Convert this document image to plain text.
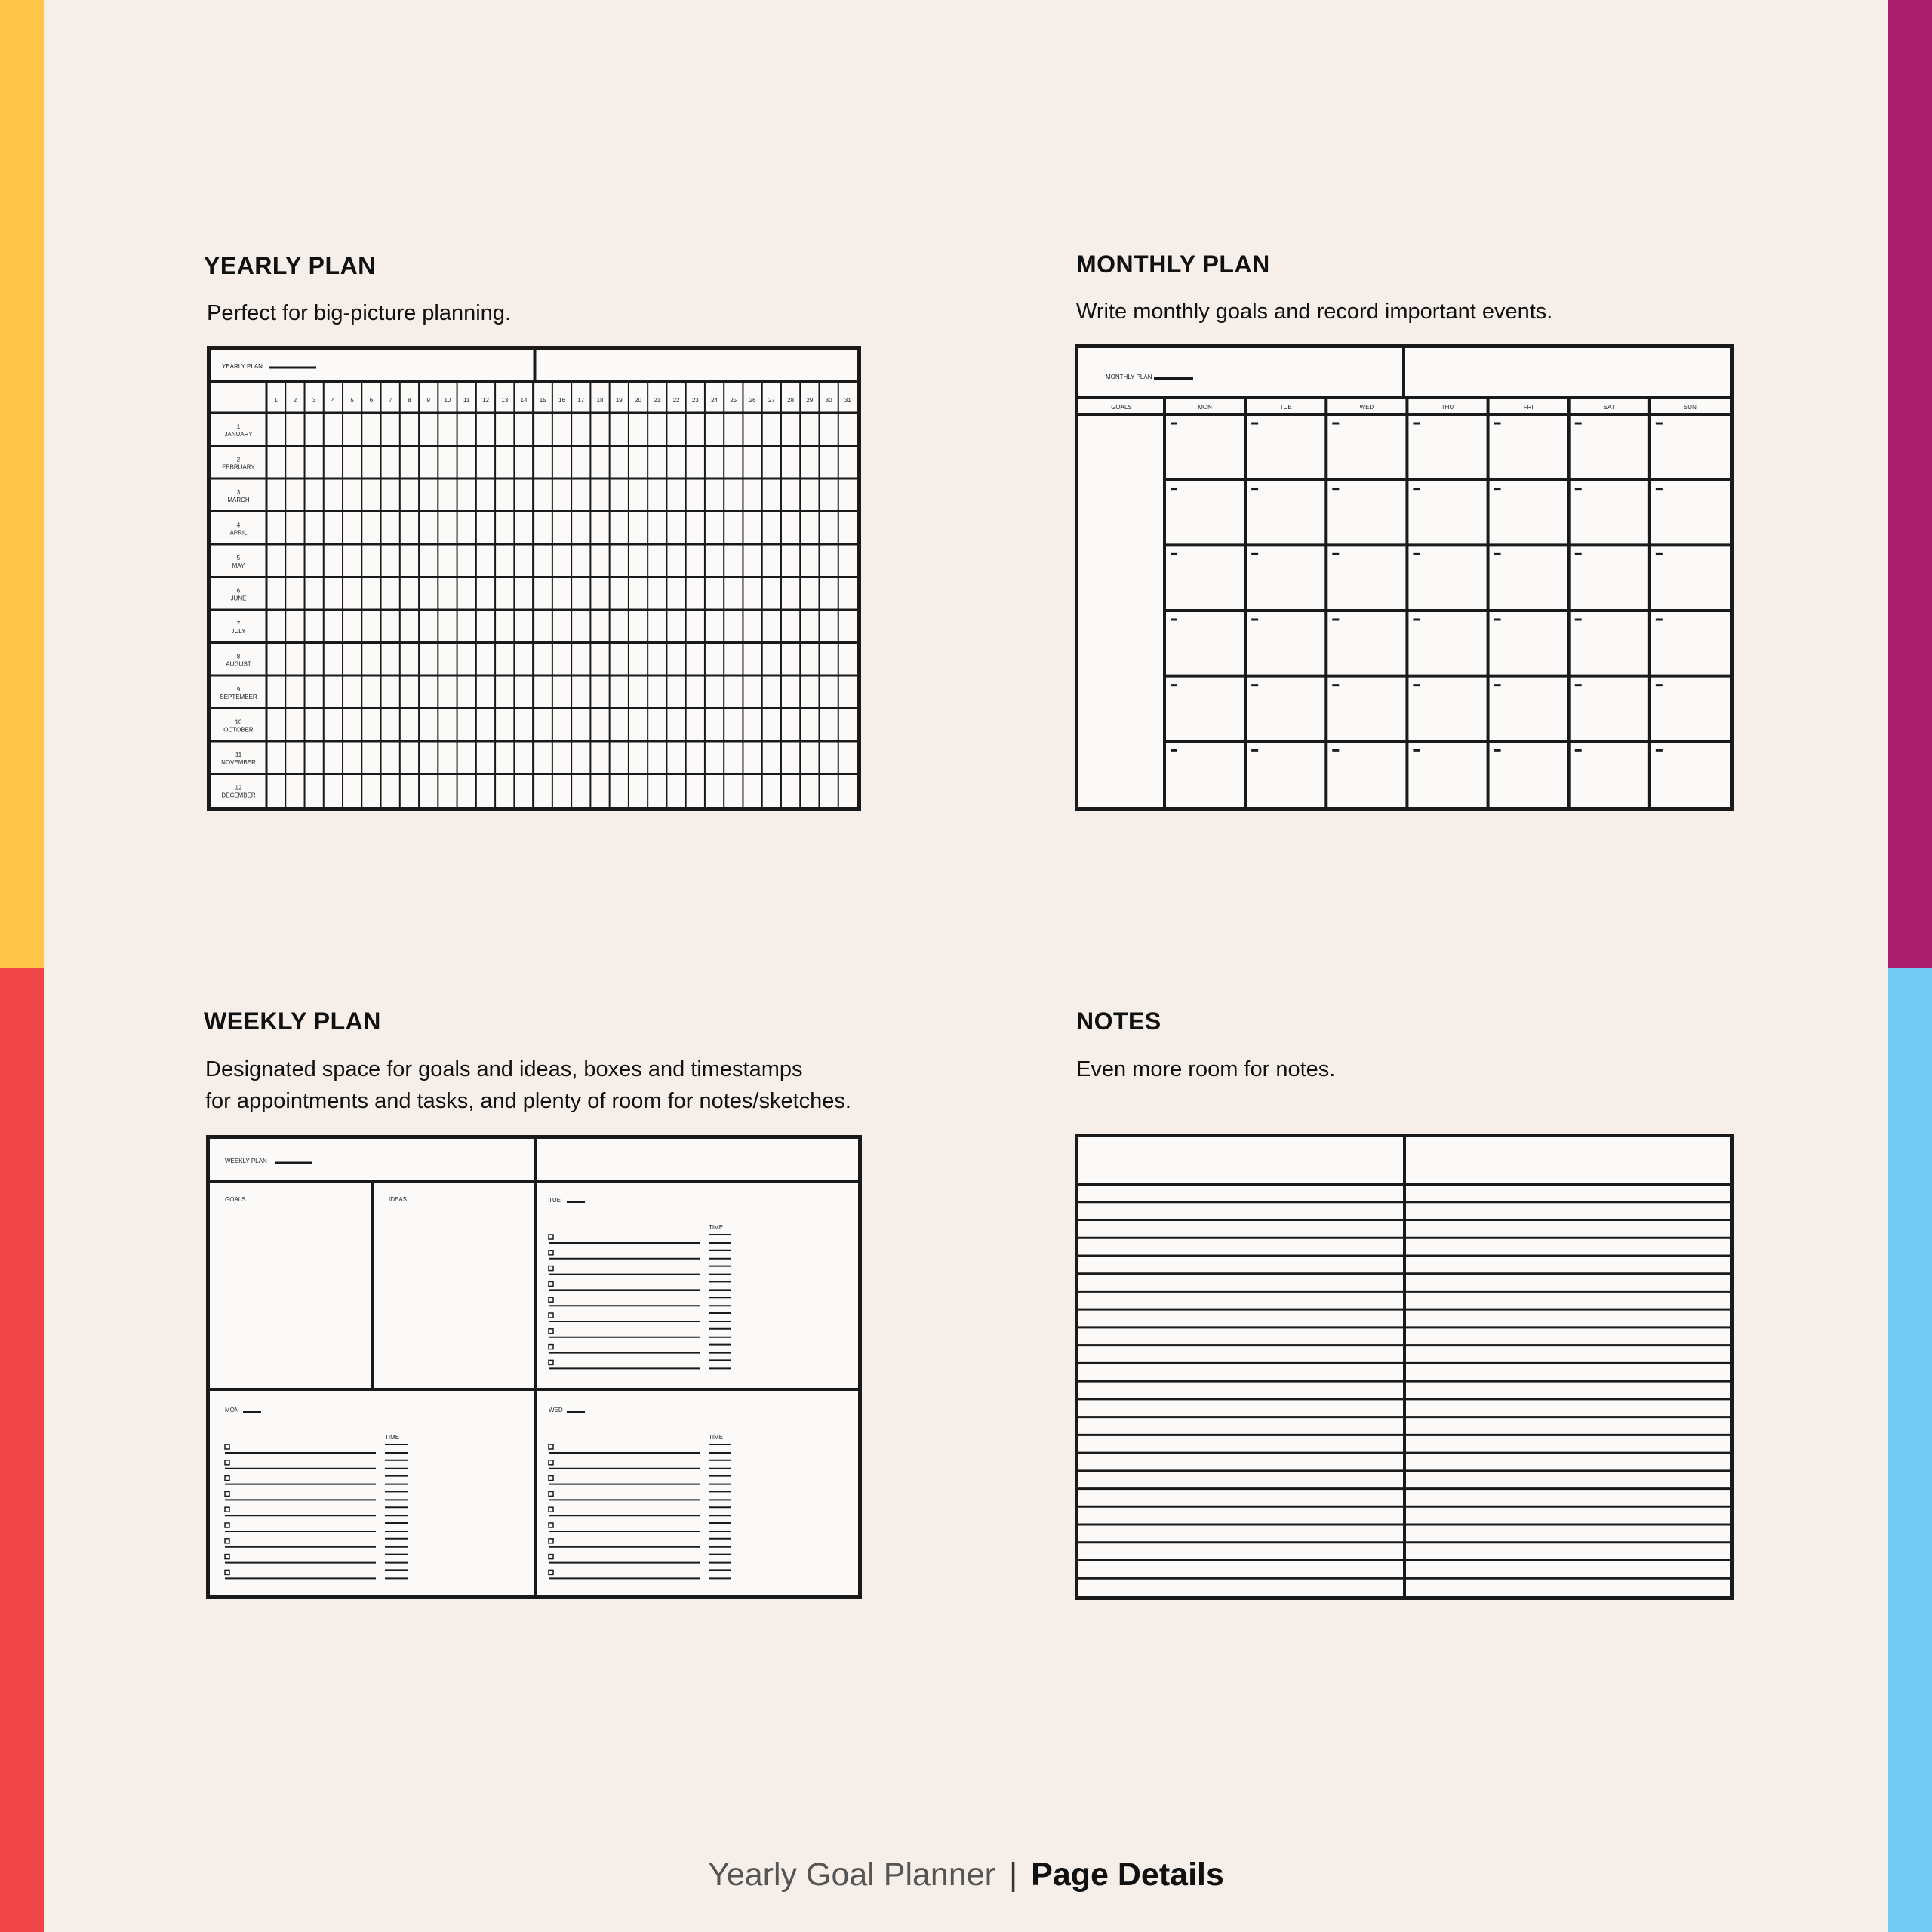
YEARLY PLAN

Perfect for big-picture planning.

YEARLY PLAN
1	2	3	4	5	6	7	8	9 10 11 12 13 14 15 16 17 18 19 20 21 22 23 24 25 26 27 28 29 30 31
1
JANUARY
2
FEBRUARY
3
MARCH
4
APRIL
5
MAY
6
JUNE
7
JULY
8
AUGUST
9
SEPTEMBER
10
OCTOBER
11
NOVEMBER
12
DECEMBER
MONTHLY PLAN

Write monthly goals and record important events.

MONTHLY PLAN
GOALS	MON	TUE	WED	THU	FRI	SAT	SUN
WEEKLY PLAN

Designated space for goals and ideas, boxes and timestamps

for appointments and tasks, and plenty of room for notes/sketches.

WEEKLY PLAN
GOALS	IDEAS	TUE
TIME
MON
TIME
WED
TIME
NOTES

Even more room for notes.

Yearly Goal Planner | Page Details
